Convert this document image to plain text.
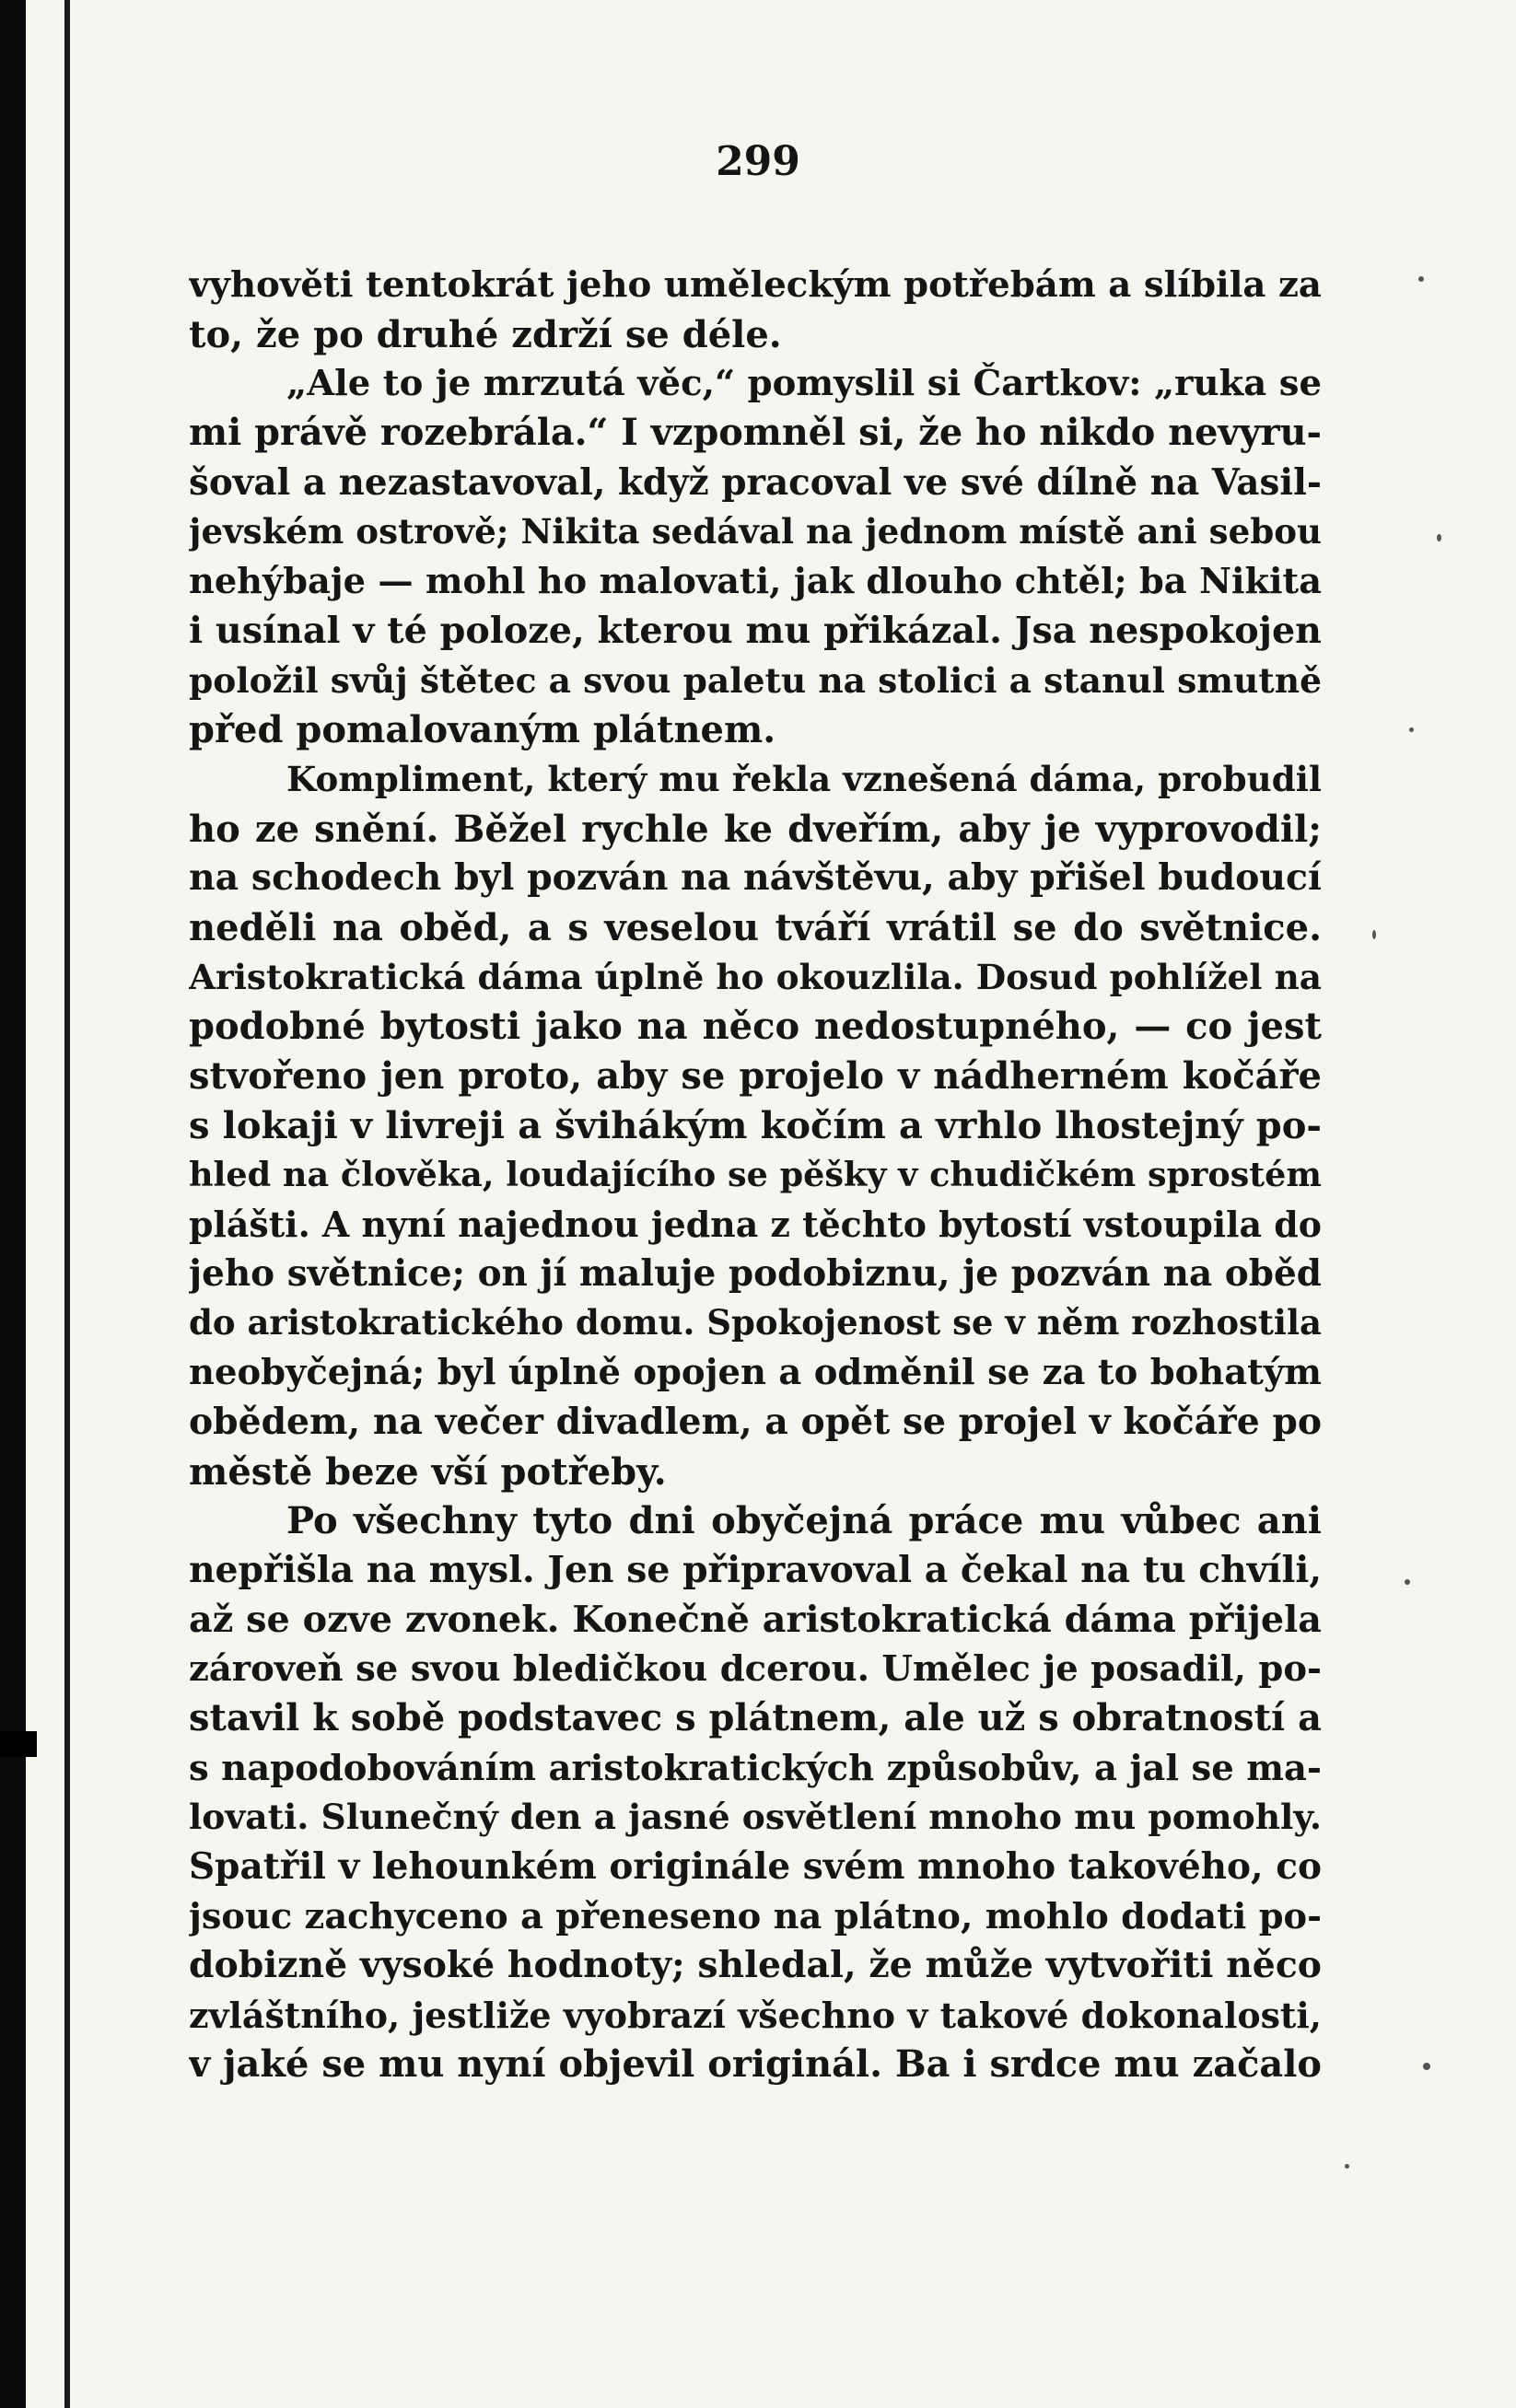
299
vyhověti tentokrát jeho uměleckým potřebám a slíbila za
to, že po druhé zdrží se déle.
„Ale to je mrzutá věc,“ pomyslil si Čartkov: „ruka se
mi právě rozebrála.“ I vzpomněl si, že ho nikdo nevyru-
šoval a nezastavoval, když pracoval ve své dílně na Vasil-
jevském ostrově; Nikita sedával na jednom místě ani sebou
nehýbaje — mohl ho malovati, jak dlouho chtěl; ba Nikita
i usínal v té poloze, kterou mu přikázal. Jsa nespokojen
položil svůj štětec a svou paletu na stolici a stanul smutně
před pomalovaným plátnem.
Kompliment, který mu řekla vznešená dáma, probudil
ho ze snění. Běžel rychle ke dveřím, aby je vyprovodil;
na schodech byl pozván na návštěvu, aby přišel budoucí
neděli na oběd, a s veselou tváří vrátil se do světnice.
Aristokratická dáma úplně ho okouzlila. Dosud pohlížel na
podobné bytosti jako na něco nedostupného, — co jest
stvořeno jen proto, aby se projelo v nádherném kočáře
s lokaji v livreji a švihákým kočím a vrhlo lhostejný po-
hled na člověka, loudajícího se pěšky v chudičkém sprostém
plášti. A nyní najednou jedna z těchto bytostí vstoupila do
jeho světnice; on jí maluje podobiznu, je pozván na oběd
do aristokratického domu. Spokojenost se v něm rozhostila
neobyčejná; byl úplně opojen a odměnil se za to bohatým
obědem, na večer divadlem, a opět se projel v kočáře po
městě beze vší potřeby.
Po všechny tyto dni obyčejná práce mu vůbec ani
nepřišla na mysl. Jen se připravoval a čekal na tu chvíli,
až se ozve zvonek. Konečně aristokratická dáma přijela
zároveň se svou bledičkou dcerou. Umělec je posadil, po-
stavil k sobě podstavec s plátnem, ale už s obratností a
s napodobováním aristokratických způsobův, a jal se ma-
lovati. Slunečný den a jasné osvětlení mnoho mu pomohly.
Spatřil v lehounkém originále svém mnoho takového, co
jsouc zachyceno a přeneseno na plátno, mohlo dodati po-
dobizně vysoké hodnoty; shledal, že může vytvořiti něco
zvláštního, jestliže vyobrazí všechno v takové dokonalosti,
v jaké se mu nyní objevil originál. Ba i srdce mu začalo
